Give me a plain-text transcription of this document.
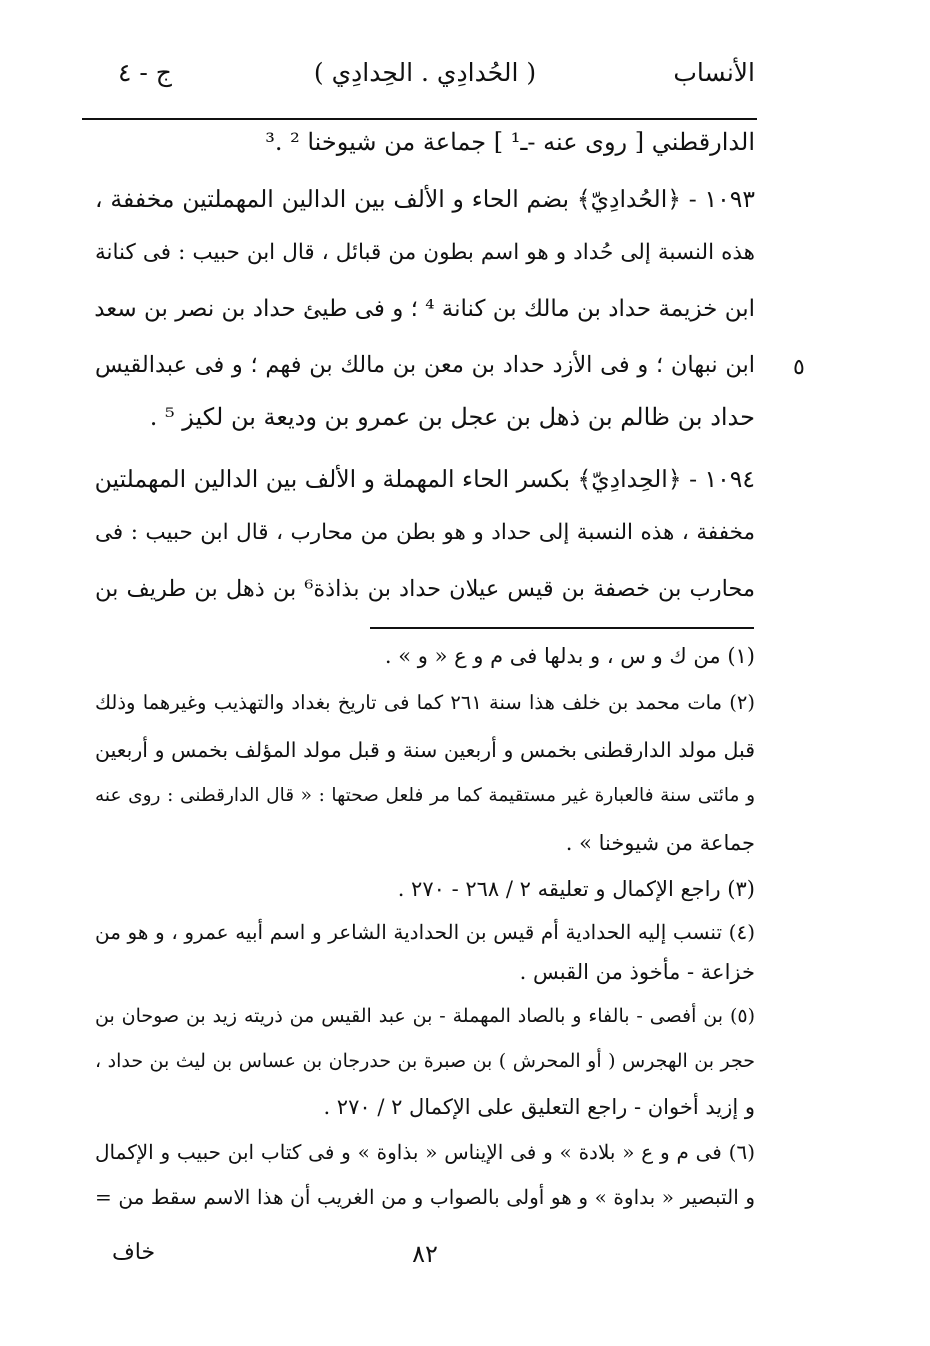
الأنساب
( الحُدادِي . الحِدادِي )
ج - ٤
الدارقطني [ روى عنه -ـ¹ ] جماعة من شيوخنا ² .³
١٠٩٣ - ﴿الحُدادِيّ﴾ بضم الحاء و الألف بين الدالين المهملتين مخففة ،
هذه النسبة إلى حُداد و هو اسم بطون من قبائل ، قال ابن حبيب : فى كنانة
ابن خزيمة حداد بن مالك بن كنانة ⁴ ؛ و فى طيئ حداد بن نصر بن سعد
ابن نبهان ؛ و فى الأزد حداد بن معن بن مالك بن فهم ؛ و فى عبدالقيس
حداد بن ظالم بن ذهل بن عجل بن عمرو بن وديعة بن لكيز ⁵ .
١٠٩٤ - ﴿الحِدادِيّ﴾ بكسر الحاء المهملة و الألف بين الدالين المهملتين
مخففة ، هذه النسبة إلى حداد و هو بطن من محارب ، قال ابن حبيب : فى
محارب بن خصفة بن قيس عيلان حداد بن بذاذة⁶ بن ذهل بن طريف بن
٥
(١) من ك و س ، و بدلها فى م و ع « و » .
(٢) مات محمد بن خلف هذا سنة ٢٦١ كما فى تاريخ بغداد والتهذيب وغيرهما وذلك
قبل مولد الدارقطنى بخمس و أربعين سنة و قبل مولد المؤلف بخمس و أربعين
و مائتى سنة فالعبارة غير مستقيمة كما مر فلعل صحتها : « قال الدارقطنى : روى عنه
جماعة من شيوخنا » .
(٣) راجع الإكمال و تعليقه ٢ / ٢٦٨ - ٢٧٠ .
(٤) تنسب إليه الحدادية أم قيس بن الحدادية الشاعر و اسم أبيه عمرو ، و هو من
خزاعة - مأخوذ من القبس .
(٥) بن أفصى - بالفاء و بالصاد المهملة - بن عبد القيس من ذريته زيد بن صوحان بن
حجر بن الهجرس ( أو المحرش ) بن صبرة بن حدرجان بن عساس بن ليث بن حداد ،
و إزيد أخوان - راجع التعليق على الإكمال ٢ / ٢٧٠ .
(٦) فى م و ع « بلادة » و فى الإيناس « بذاوة » و فى كتاب ابن حبيب و الإكمال
و التبصير « بداوة » و هو أولى بالصواب و من الغريب أن هذا الاسم سقط من =
خاف	٨٢
